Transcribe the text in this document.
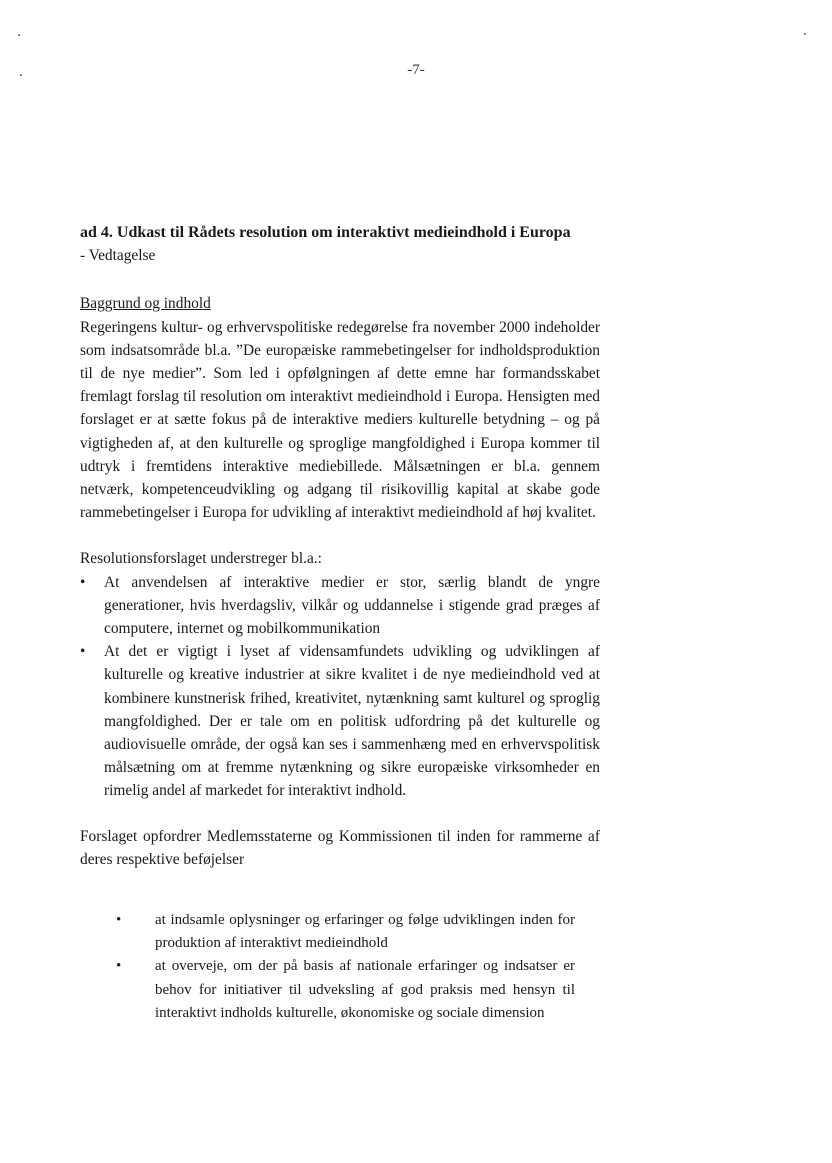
-7-
ad 4. Udkast til Rådets resolution om interaktivt medieindhold i Europa
- Vedtagelse
Baggrund og indhold

Regeringens kultur- og erhvervspolitiske redegørelse fra november 2000 indeholder som indsatsområde bl.a. ”De europæiske rammebetingelser for indholdsproduktion til de nye medier”. Som led i opfølgningen af dette emne har formandsskabet fremlagt forslag til resolution om interaktivt medieindhold i Europa. Hensigten med forslaget er at sætte fokus på de interaktive mediers kulturelle betydning – og på vigtigheden af, at den kulturelle og sproglige mangfoldighed i Europa kommer til udtryk i fremtidens interaktive mediebillede. Målsætningen er bl.a. gennem netværk, kompetenceudvikling og adgang til risikovillig kapital at skabe gode rammebetingelser i Europa for udvikling af interaktivt medieindhold af høj kvalitet.

Resolutionsforslaget understreger bl.a.:
• At anvendelsen af interaktive medier er stor, særlig blandt de yngre generationer, hvis hverdagsliv, vilkår og uddannelse i stigende grad præges af computere, internet og mobilkommunikation
• At det er vigtigt i lyset af vidensamfundets udvikling og udviklingen af kulturelle og kreative industrier at sikre kvalitet i de nye medieindhold ved at kombinere kunstnerisk frihed, kreativitet, nytænkning samt kulturel og sproglig mangfoldighed. Der er tale om en politisk udfordring på det kulturelle og audiovisuelle område, der også kan ses i sammenhæng med en erhvervspolitisk målsætning om at fremme nytænkning og sikre europæiske virksomheder en rimelig andel af markedet for interaktivt indhold.

Forslaget opfordrer Medlemsstaterne og Kommissionen til inden for rammerne af deres respektive beføjelser

• at indsamle oplysninger og erfaringer og følge udviklingen inden for produktion af interaktivt medieindhold
• at overveje, om der på basis af nationale erfaringer og indsatser er behov for initiativer til udveksling af god praksis med hensyn til interaktivt indholds kulturelle, økonomiske og sociale dimension
